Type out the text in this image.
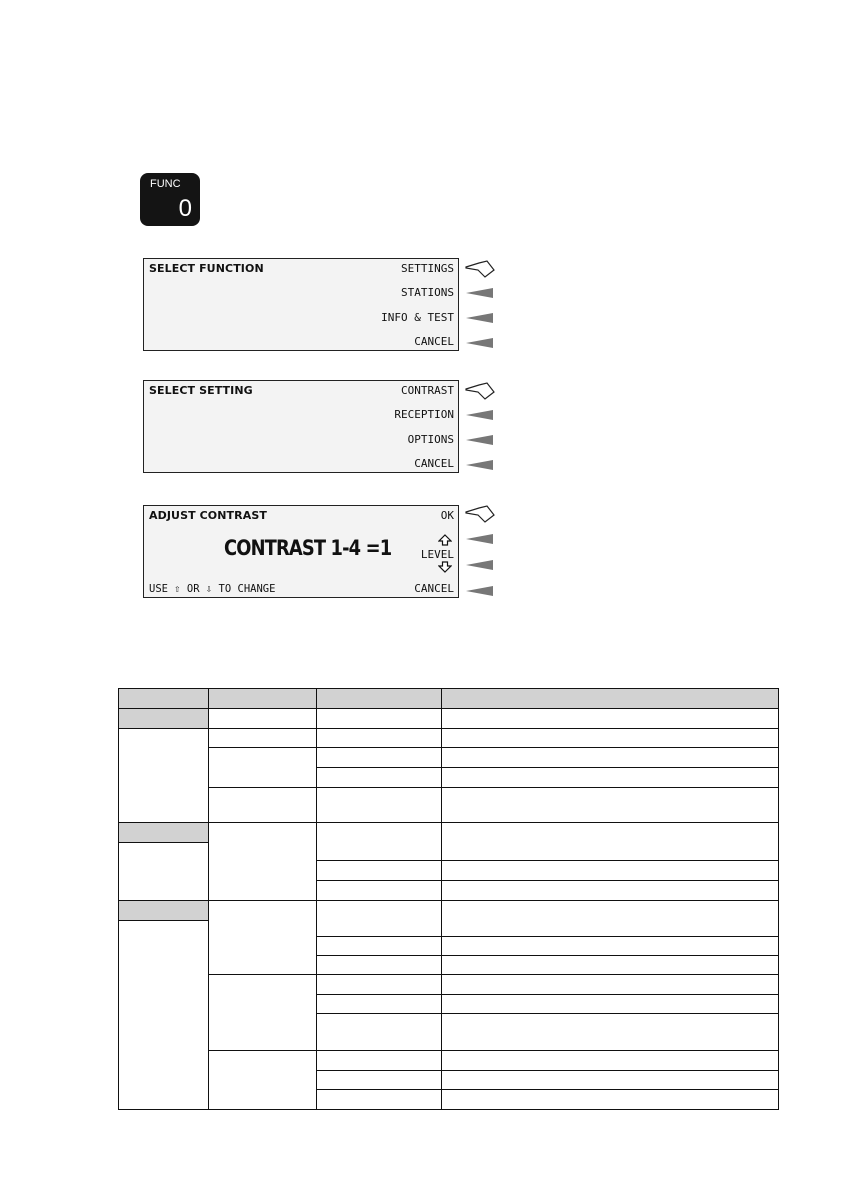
FUNC
0
SELECT FUNCTION	SETTINGS
STATIONS
INFO & TEST
CANCEL
SELECT SETTING	CONTRAST
RECEPTION
OPTIONS
CANCEL
ADJUST CONTRAST	OK
CONTRAST 1-4 =1	LEVEL
USE ⇧ OR ⇩ TO CHANGE	CANCEL
